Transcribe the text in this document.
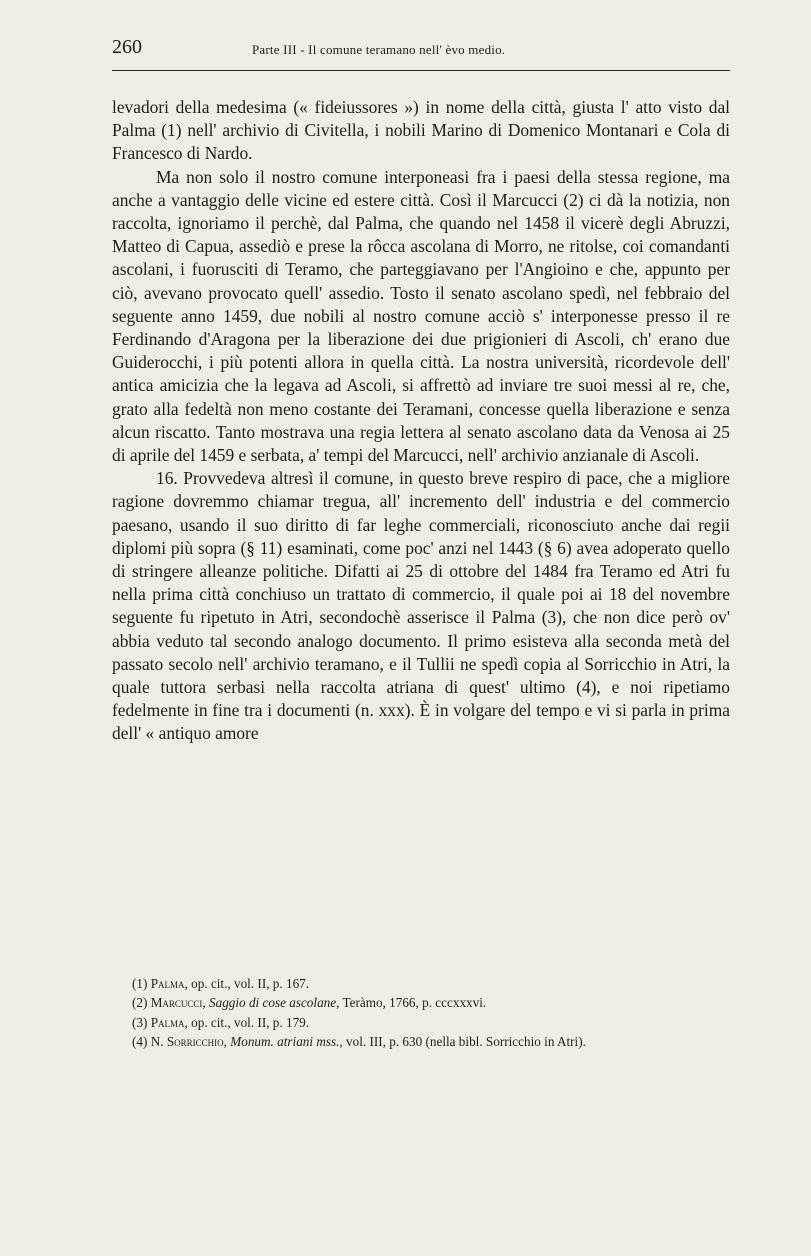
260	Parte III - Il comune teramano nell' èvo medio.

levadori della medesima (« fideiussores ») in nome della città, giusta l' atto visto dal Palma (1) nell' archivio di Civitella, i nobili Marino di Domenico Montanari e Cola di Francesco di Nardo.

Ma non solo il nostro comune interponeasi fra i paesi della stessa regione, ma anche a vantaggio delle vicine ed estere città. Così il Marcucci (2) ci dà la notizia, non raccolta, ignoriamo il perchè, dal Palma, che quando nel 1458 il vicerè degli Abruzzi, Matteo di Capua, assediò e prese la rôcca ascolana di Morro, ne ritolse, coi comandanti ascolani, i fuorusciti di Teramo, che parteggiavano per l'Angioino e che, appunto per ciò, avevano provocato quell' assedio. Tosto il senato ascolano spedì, nel febbraio del seguente anno 1459, due nobili al nostro comune acciò s' interponesse presso il re Ferdinando d'Aragona per la liberazione dei due prigionieri di Ascoli, ch' erano due Guiderocchi, i più potenti allora in quella città. La nostra università, ricordevole dell' antica amicizia che la legava ad Ascoli, si affrettò ad inviare tre suoi messi al re, che, grato alla fedeltà non meno costante dei Teramani, concesse quella liberazione e senza alcun riscatto. Tanto mostrava una regia lettera al senato ascolano data da Venosa ai 25 di aprile del 1459 e serbata, a' tempi del Marcucci, nell' archivio anzianale di Ascoli.

16. Provvedeva altresì il comune, in questo breve respiro di pace, che a migliore ragione dovremmo chiamar tregua, all' incremento dell' industria e del commercio paesano, usando il suo diritto di far leghe commerciali, riconosciuto anche dai regii diplomi più sopra (§ 11) esaminati, come poc' anzi nel 1443 (§ 6) avea adoperato quello di stringere alleanze politiche. Difatti ai 25 di ottobre del 1484 fra Teramo ed Atri fu nella prima città conchiuso un trattato di commercio, il quale poi ai 18 del novembre seguente fu ripetuto in Atri, secondochè asserisce il Palma (3), che non dice però ov' abbia veduto tal secondo analogo documento. Il primo esisteva alla seconda metà del passato secolo nell' archivio teramano, e il Tullii ne spedì copia al Sorricchio in Atri, la quale tuttora serbasi nella raccolta atriana di quest' ultimo (4), e noi ripetiamo fedelmente in fine tra i documenti (n. xxx). È in volgare del tempo e vi si parla in prima dell' « antiquo amore

(1) Palma, op. cit., vol. II, p. 167.

(2) Marcucci, Saggio di cose ascolane, Teràmo, 1766, p. cccxxxvi.

(3) Palma, op. cit., vol. II, p. 179.

(4) N. Sorricchio, Monum. atriani mss., vol. III, p. 630 (nella bibl. Sorricchio in Atri).
